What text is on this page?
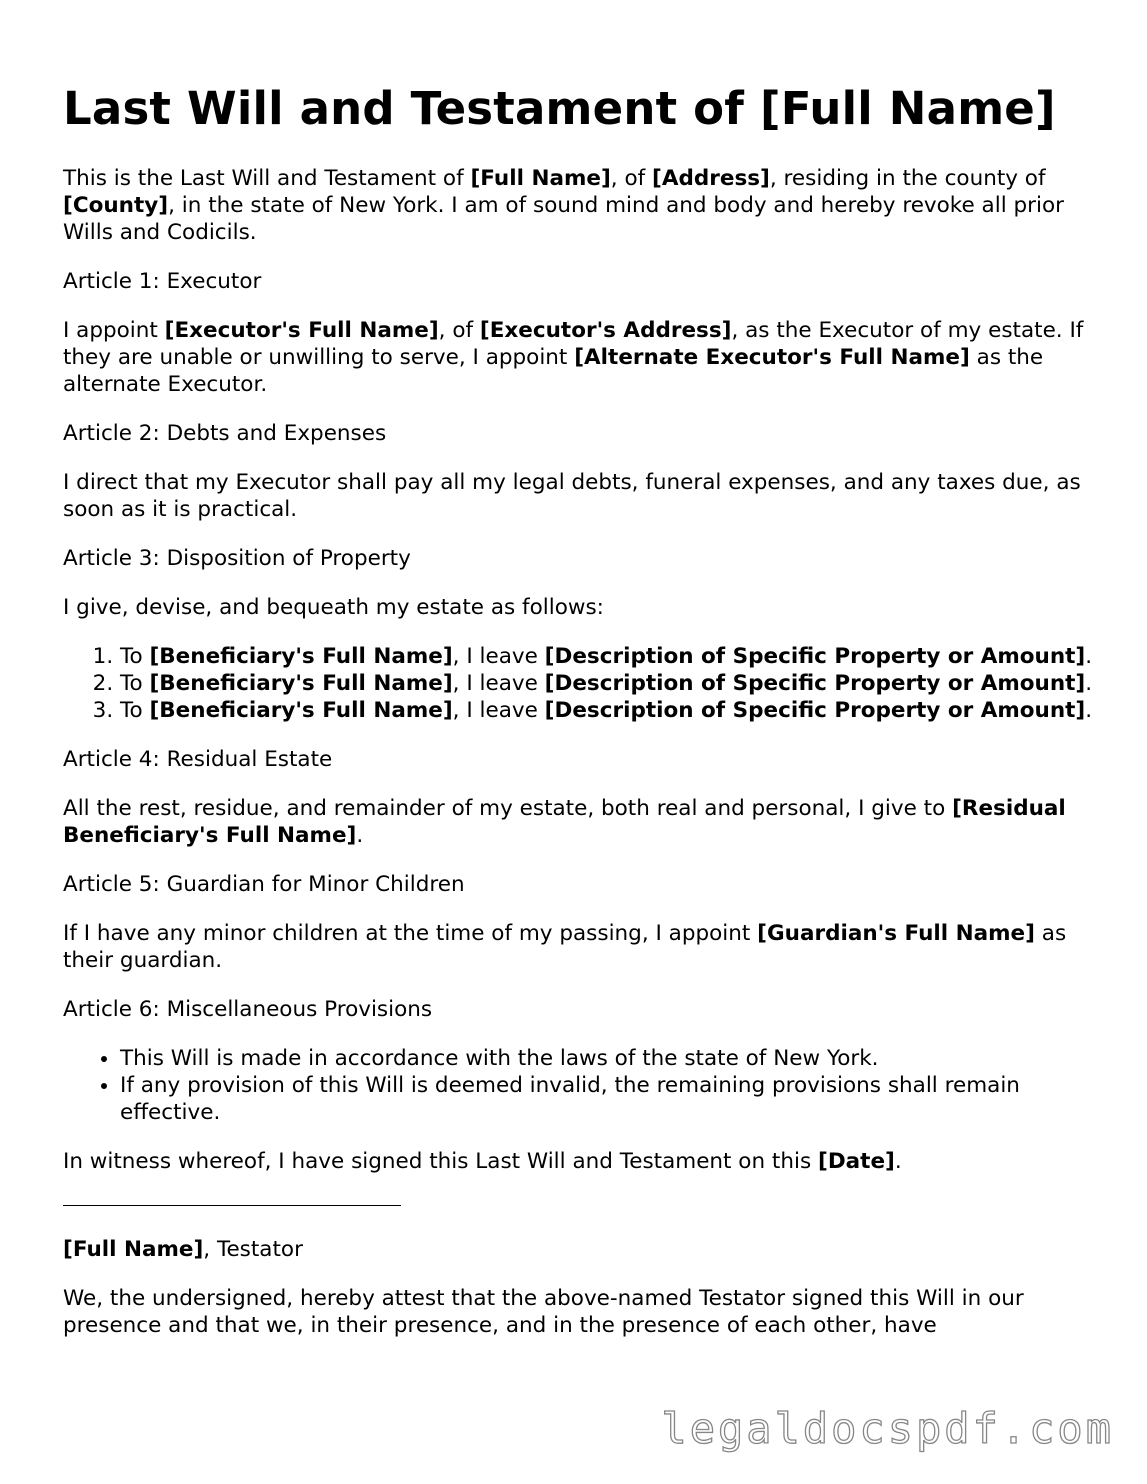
Last Will and Testament of [Full Name]

This is the Last Will and Testament of [Full Name], of [Address], residing in the county of [County], in the state of New York. I am of sound mind and body and hereby revoke all prior Wills and Codicils.

Article 1: Executor

I appoint [Executor's Full Name], of [Executor's Address], as the Executor of my estate. If they are unable or unwilling to serve, I appoint [Alternate Executor's Full Name] as the alternate Executor.

Article 2: Debts and Expenses

I direct that my Executor shall pay all my legal debts, funeral expenses, and any taxes due, as soon as it is practical.

Article 3: Disposition of Property

I give, devise, and bequeath my estate as follows:

1. To [Beneficiary's Full Name], I leave [Description of Specific Property or Amount].
2. To [Beneficiary's Full Name], I leave [Description of Specific Property or Amount].
3. To [Beneficiary's Full Name], I leave [Description of Specific Property or Amount].

Article 4: Residual Estate

All the rest, residue, and remainder of my estate, both real and personal, I give to [Residual Beneficiary's Full Name].

Article 5: Guardian for Minor Children

If I have any minor children at the time of my passing, I appoint [Guardian's Full Name] as their guardian.

Article 6: Miscellaneous Provisions

• This Will is made in accordance with the laws of the state of New York.
• If any provision of this Will is deemed invalid, the remaining provisions shall remain effective.

In witness whereof, I have signed this Last Will and Testament on this [Date].

[Full Name], Testator

We, the undersigned, hereby attest that the above-named Testator signed this Will in our presence and that we, in their presence, and in the presence of each other, have

legaldocspdf.com
